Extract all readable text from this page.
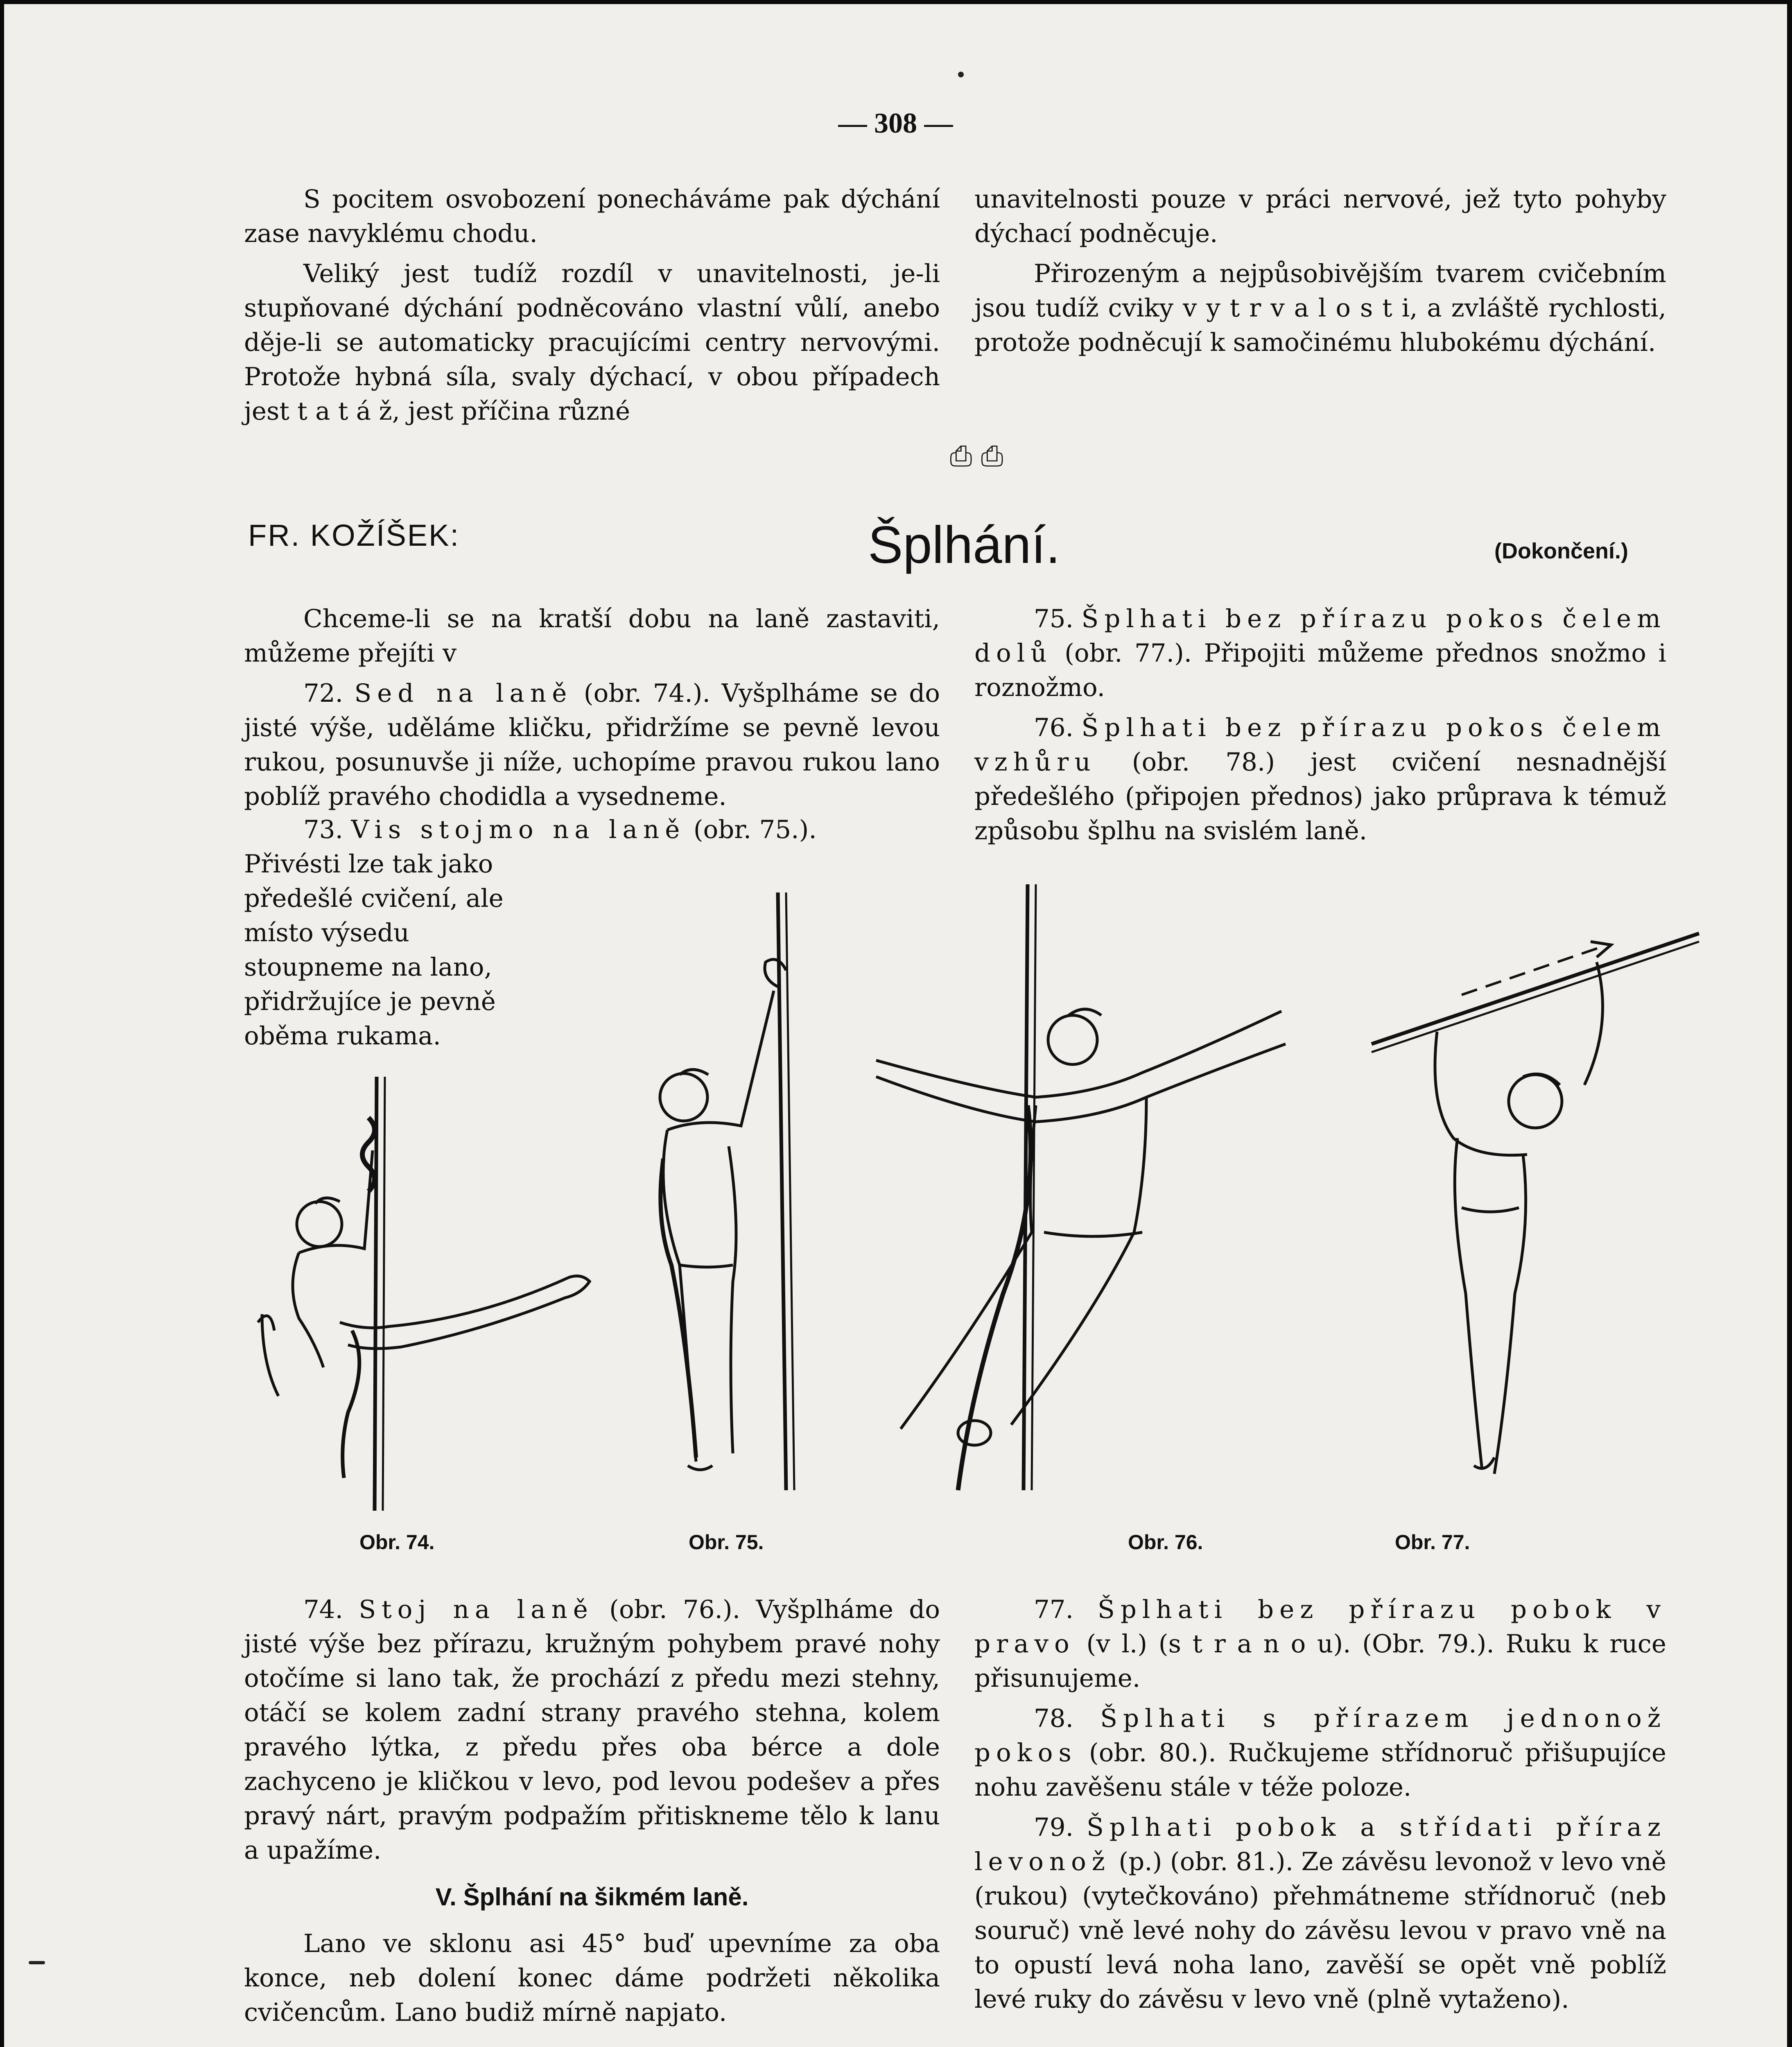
— 308 —

S pocitem osvobození ponecháváme pak dýchání zase navyklému chodu.

Veliký jest tudíž rozdíl v unavitelnosti, je-li stupňované dýchání podněcováno vlastní vůlí, anebo děje-li se automaticky pracujícími centry nervovými. Protože hybná síla, svaly dýchací, v obou případech jest t a t á ž, jest příčina různé

unavitelnosti pouze v práci nervové, jež tyto pohyby dýchací podněcuje.

Přirozeným a nejpůsobivějším tvarem cvičebním jsou tudíž cviky v y t r v a l o s t i, a zvláště rychlosti, protože podněcují k samočinému hlubokému dýchání.

⎙ ⎙
FR. KOŽÍŠEK:	Šplhání.	(Dokončení.)

Chceme-li se na kratší dobu na laně zastaviti, můžeme přejíti v

72. Sed na laně (obr. 74.). Vyšplháme se do jisté výše, uděláme kličku, přidržíme se pevně levou rukou, posunuvše ji níže, uchopíme pravou rukou lano poblíž pravého chodidla a vysedneme.

73. Vis stojmo na laně (obr. 75.).

Přivésti lze tak jako předešlé cvičení, ale místo výsedu stoupneme na lano, přidržujíce je pevně oběma rukama.

75. Šplhati bez přírazu pokos čelem dolů (obr. 77.). Připojiti můžeme přednos snožmo i roznožmo.

76. Šplhati bez přírazu pokos čelem vzhůru (obr. 78.) jest cvičení nesnadnější předešlého (připojen přednos) jako průprava k témuž způsobu šplhu na svislém laně.

Obr. 74.	Obr. 75.	Obr. 76.	Obr. 77.

74. Stoj na laně (obr. 76.). Vyšplháme do jisté výše bez přírazu, kružným pohybem pravé nohy otočíme si lano tak, že prochází z předu mezi stehny, otáčí se kolem zadní strany pravého stehna, kolem pravého lýtka, z předu přes oba bérce a dole zachyceno je kličkou v levo, pod levou podešev a přes pravý nárt, pravým podpažím přitiskneme tělo k lanu a upažíme.

V. Šplhání na šikmém laně.

Lano ve sklonu asi 45° buď upevníme za oba konce, neb dolení konec dáme podržeti několika cvičencům. Lano budiž mírně napjato.

77. Šplhati bez přírazu pobok v pravo (v l.) (s t r a n o u). (Obr. 79.). Ruku k ruce přisunujeme.

78. Šplhati s přírazem jednonož pokos (obr. 80.). Ručkujeme střídnoruč přišupujíce nohu zavěšenu stále v téže poloze.

79. Šplhati pobok a střídati příraz levonož (p.) (obr. 81.). Ze závěsu levonož v levo vně (rukou) (vytečkováno) přehmátneme střídnoruč (neb souruč) vně levé nohy do závěsu levou v pravo vně na to opustí levá noha lano, zavěší se opět vně poblíž levé ruky do závěsu v levo vně (plně vytaženo).
